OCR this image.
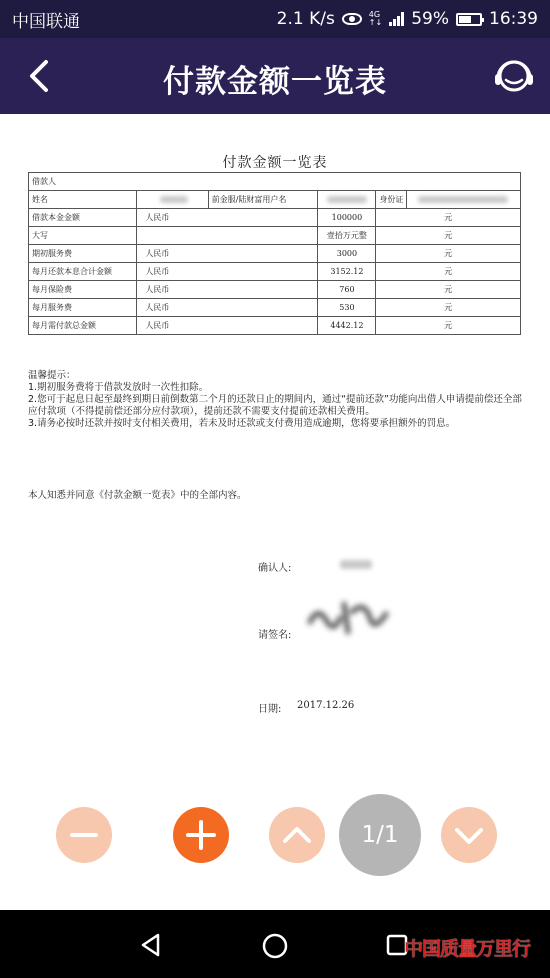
中国联通	2.1 K/s	4G
↑↓ 59% 16:39
付款金额一览表
付款金额一览表
借款人					
姓名		前金服/陆财富用户名		身份证	
借款本金金额	人民币		100000	元	
大写			壹拾万元整	元	
期初服务费	人民币		3000	元	
每月还款本息合计金额	人民币		3152.12	元	
每月保险费	人民币		760	元	
每月服务费	人民币		530	元	
每月需付款总金额	人民币		4442.12	元	
温馨提示：
1.期初服务费将于借款发放时一次性扣除。
2.您可于起息日起至最终到期日前倒数第二个月的还款日止的期间内，通过“提前还款”功能向出借人申请提前偿还全部应付款项（不得提前偿还部分应付款项），提前还款不需要支付提前还款相关费用。
3.请务必按时还款并按时支付相关费用，若未及时还款或支付费用造成逾期，您将要承担额外的罚息。
本人知悉并同意《付款金额一览表》中的全部内容。
确认人:
请签名:
日期: 2017.12.26
1/1
中国质量万里行
